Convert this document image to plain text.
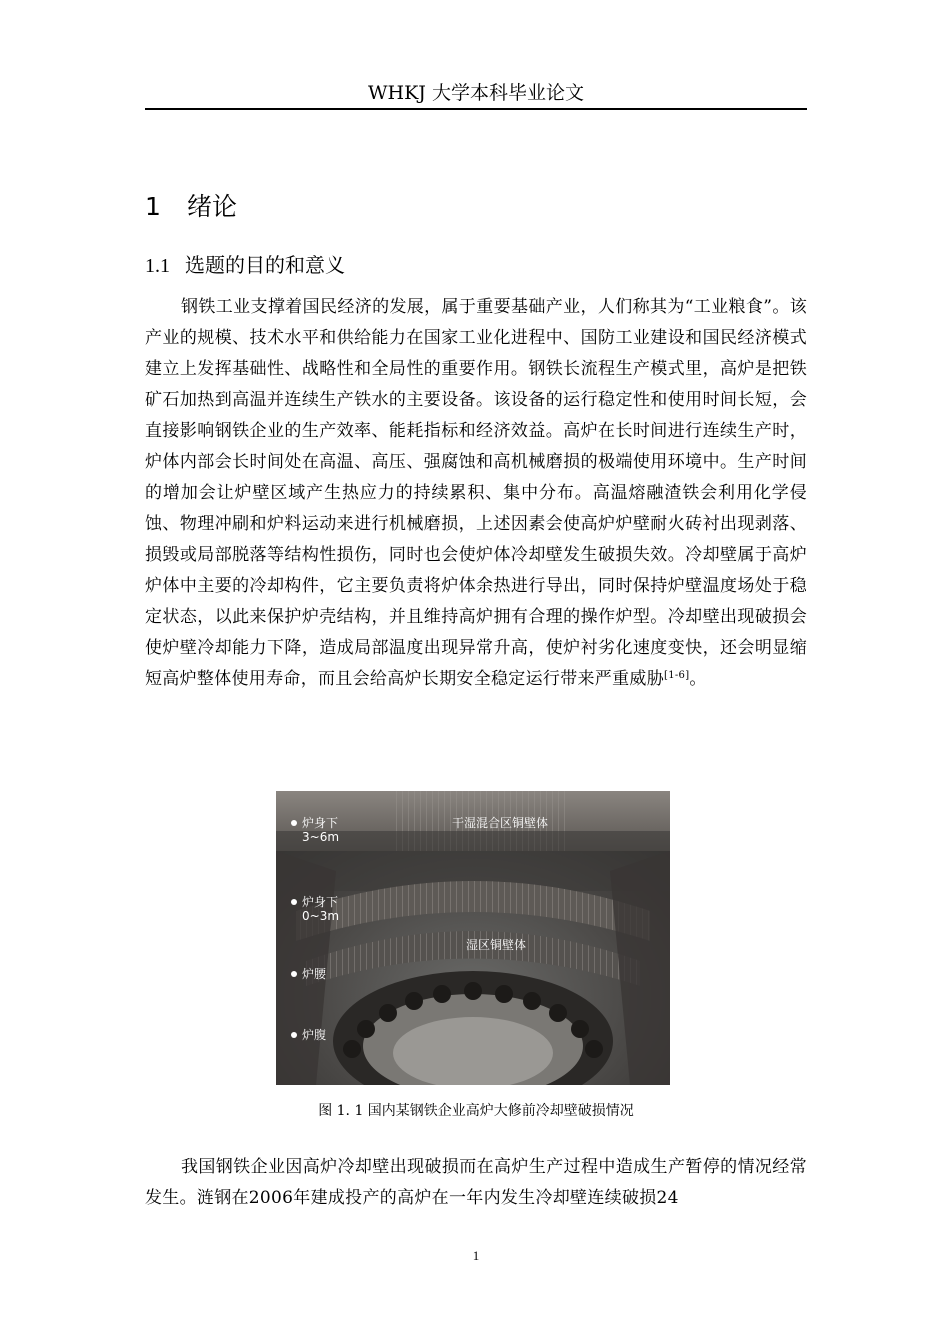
WHKJ 大学本科毕业论文
1 绪论
1.1 选题的目的和意义

钢铁工业支撑着国民经济的发展，属于重要基础产业，人们称其为“工业粮食”。该产业的规模、技术水平和供给能力在国家工业化进程中、国防工业建设和国民经济模式建立上发挥基础性、战略性和全局性的重要作用。钢铁长流程生产模式里，高炉是把铁矿石加热到高温并连续生产铁水的主要设备。该设备的运行稳定性和使用时间长短，会直接影响钢铁企业的生产效率、能耗指标和经济效益。高炉在长时间进行连续生产时，炉体内部会长时间处在高温、高压、强腐蚀和高机械磨损的极端使用环境中。生产时间的增加会让炉壁区域产生热应力的持续累积、集中分布。高温熔融渣铁会利用化学侵蚀、物理冲刷和炉料运动来进行机械磨损，上述因素会使高炉炉壁耐火砖衬出现剥落、损毁或局部脱落等结构性损伤，同时也会使炉体冷却壁发生破损失效。冷却壁属于高炉炉体中主要的冷却构件，它主要负责将炉体余热进行导出，同时保持炉壁温度场处于稳定状态，以此来保护炉壳结构，并且维持高炉拥有合理的操作炉型。冷却壁出现破损会使炉壁冷却能力下降，造成局部温度出现异常升高，使炉衬劣化速度变快，还会明显缩短高炉整体使用寿命，而且会给高炉长期安全稳定运行带来严重威胁[1-6]。

炉身下 3~6m
干湿混合区铜壁体
炉身下 0~3m
湿区铜壁体
炉腰
炉腹
图 1. 1 国内某钢铁企业高炉大修前冷却壁破损情况

我国钢铁企业因高炉冷却壁出现破损而在高炉生产过程中造成生产暂停的情况经常发生。涟钢在2006年建成投产的高炉在一年内发生冷却壁连续破损24

1
